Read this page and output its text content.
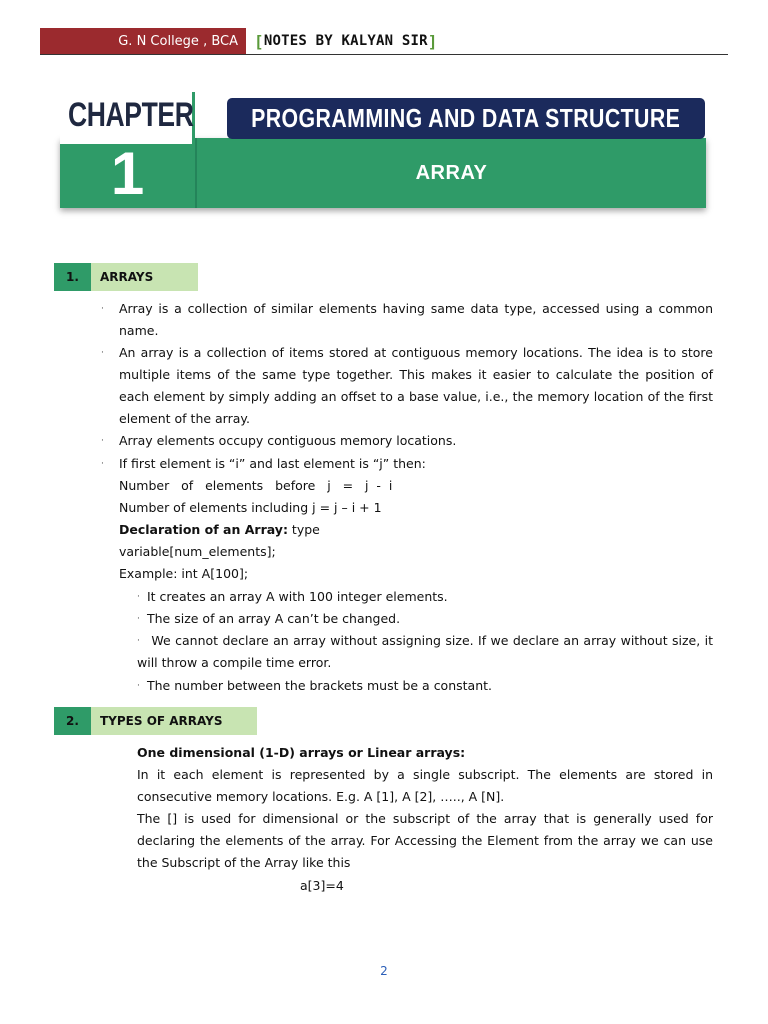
G. N College , BCA	[ NOTES BY KALYAN SIR ]
CHAPTER
1	ARRAY
PROGRAMMING AND DATA STRUCTURE
1.	ARRAYS
· Array is a collection of similar elements having same data type, accessed using a common name.

· An array is a collection of items stored at contiguous memory locations. The idea is to store multiple items of the same type together. This makes it easier to calculate the position of each element by simply adding an offset to a base value, i.e., the memory location of the first element of the array.

· Array elements occupy contiguous memory locations.

· If first element is “i” and last element is “j” then:

Number   of   elements   before   j   =   j  -  i

Number of elements including j = j – i + 1

Declaration of an Array: type

variable[num_elements];

Example: int A[100];

· It creates an array A with 100 integer elements.

· The size of an array A can’t be changed.

We cannot declare an array without assigning size. If we declare an array without size, it will throw a compile time error.

·
· The number between the brackets must be a constant.

2.	TYPES OF ARRAYS

One dimensional (1-D) arrays or Linear arrays:

In it each element is represented by a single subscript. The elements are stored in consecutive memory locations. E.g. A [1], A [2], ….., A [N].

The [] is used for dimensional or the subscript of the array that is generally used for declaring the elements of the array. For Accessing the Element from the array we can use the Subscript of the Array like this

a[3]=4

2
